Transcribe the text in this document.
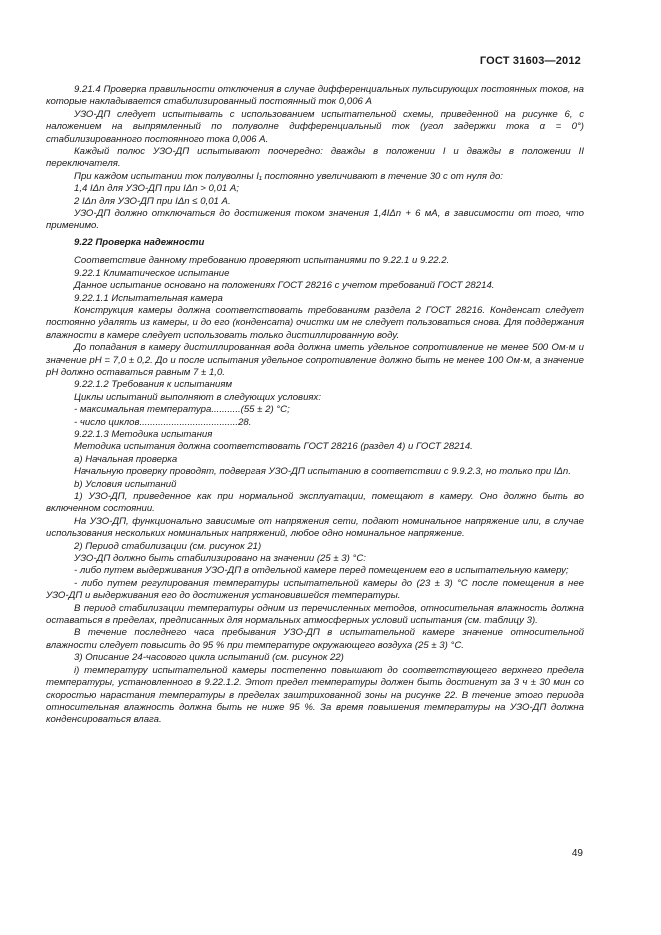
ГОСТ 31603—2012

9.21.4 Проверка правильности отключения в случае дифференциальных пульсирующих постоянных токов, на которые накладывается стабилизированный постоянный ток 0,006 А

УЗО-ДП следует испытывать с использованием испытательной схемы, приведенной на рисунке 6, с наложением на выпрямленный по полуволне дифференциальный ток (угол задержки тока α = 0°) стабилизированного постоянного тока 0,006 А.

Каждый полюс УЗО-ДП испытывают поочередно: дважды в положении I и дважды в положении II переключателя.

При каждом испытании ток полуволны I₁ постоянно увеличивают в течение 30 с от нуля до:

1,4 IΔn для УЗО-ДП при IΔn > 0,01 А;

2 IΔn для УЗО-ДП при IΔn ≤ 0,01 А.

УЗО-ДП должно отключаться до достижения током значения 1,4IΔn + 6 мА, в зависимости от того, что применимо.

9.22 Проверка надежности

Соответствие данному требованию проверяют испытаниями по 9.22.1 и 9.22.2.

9.22.1 Климатическое испытание

Данное испытание основано на положениях ГОСТ 28216 с учетом требований ГОСТ 28214.

9.22.1.1 Испытательная камера

Конструкция камеры должна соответствовать требованиям раздела 2 ГОСТ 28216. Конденсат следует постоянно удалять из камеры, и до его (конденсата) очистки им не следует пользоваться снова. Для поддержания влажности в камере следует использовать только дистиллированную воду.

До попадания в камеру дистиллированная вода должна иметь удельное сопротивление не менее 500 Ом·м и значение pH = 7,0 ± 0,2. До и после испытания удельное сопротивление должно быть не менее 100 Ом·м, а значение pH должно оставаться равным 7 ± 1,0.

9.22.1.2 Требования к испытаниям

Циклы испытаний выполняют в следующих условиях:

- максимальная температура...........(55 ± 2) °С;

- число циклов.....................................28.

9.22.1.3 Методика испытания

Методика испытания должна соответствовать ГОСТ 28216 (раздел 4) и ГОСТ 28214.

а) Начальная проверка

Начальную проверку проводят, подвергая УЗО-ДП испытанию в соответствии с 9.9.2.3, но только при IΔn.

b) Условия испытаний

1) УЗО-ДП, приведенное как при нормальной эксплуатации, помещают в камеру. Оно должно быть во включенном состоянии.

На УЗО-ДП, функционально зависимые от напряжения сети, подают номинальное напряжение или, в случае использования нескольких номинальных напряжений, любое одно номинальное напряжение.

2) Период стабилизации (см. рисунок 21)

УЗО-ДП должно быть стабилизировано на значении (25 ± 3) °С:

- либо путем выдерживания УЗО-ДП в отдельной камере перед помещением его в испытательную камеру;

- либо путем регулирования температуры испытательной камеры до (23 ± 3) °С после помещения в нее УЗО-ДП и выдерживания его до достижения установившейся температуры.

В период стабилизации температуры одним из перечисленных методов, относительная влажность должна оставаться в пределах, предписанных для нормальных атмосферных условий испытания (см. таблицу 3).

В течение последнего часа пребывания УЗО-ДП в испытательной камере значение относительной влажности следует повысить до 95 % при температуре окружающего воздуха (25 ± 3) °С.

3) Описание 24-часового цикла испытаний (см. рисунок 22)

i) температуру испытательной камеры постепенно повышают до соответствующего верхнего предела температуры, установленного в 9.22.1.2. Этот предел температуры должен быть достигнут за 3 ч ± 30 мин со скоростью нарастания температуры в пределах заштрихованной зоны на рисунке 22. В течение этого периода относительная влажность должна быть не ниже 95 %. За время повышения температуры на УЗО-ДП должна конденсироваться влага.

49
